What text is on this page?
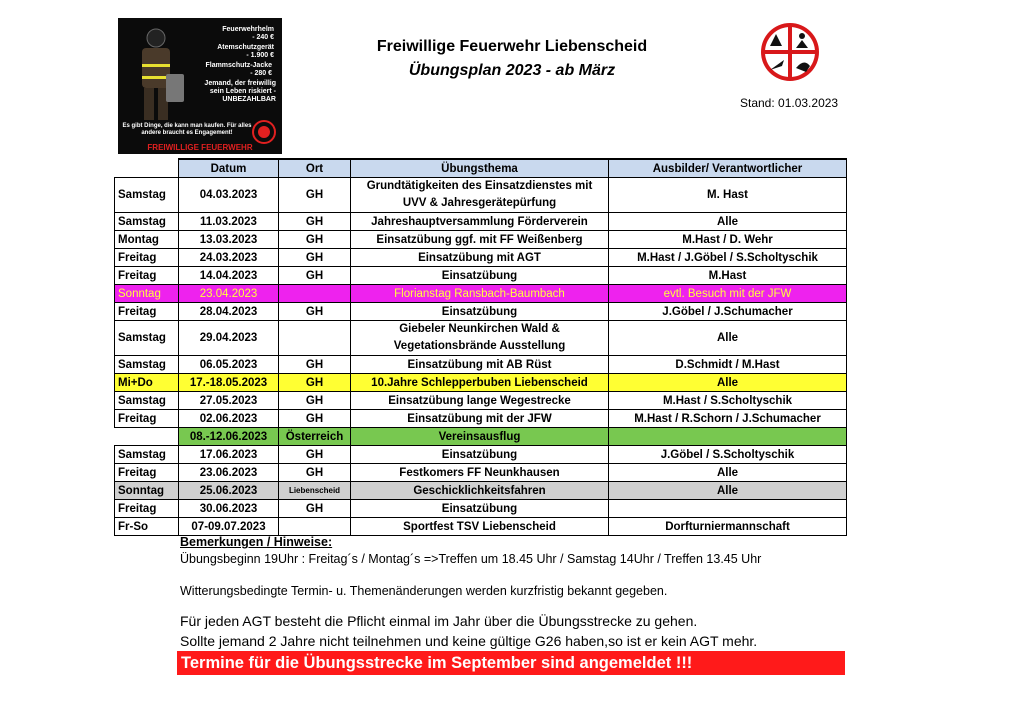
Feuerwehrhelm
- 240 €
Atemschutzgerät
- 1.900 €
Flammschutz-Jacke
- 280 €
Jemand, der freiwillig sein Leben riskiert - UNBEZAHLBAR
Es gibt Dinge, die kann man kaufen. Für alles andere braucht es Engagement!
FREIWILLIGE FEUERWEHR
Freiwillige Feuerwehr Liebenscheid
Übungsplan 2023 - ab März
Stand: 01.03.2023
	Datum	Ort	Übungsthema	Ausbilder/ Verantwortlicher
Samstag	04.03.2023	GH	Grundtätigkeiten des Einsatzdienstes mit UVV & Jahresgerätepürfung	M. Hast
Samstag	11.03.2023	GH	Jahreshauptversammlung Förderverein	Alle
Montag	13.03.2023	GH	Einsatzübung ggf. mit FF Weißenberg	M.Hast / D. Wehr
Freitag	24.03.2023	GH	Einsatzübung mit AGT	M.Hast / J.Göbel / S.Scholtyschik
Freitag	14.04.2023	GH	Einsatzübung	M.Hast
Sonntag	23.04.2023		Florianstag Ransbach-Baumbach	evtl. Besuch mit der JFW
Freitag	28.04.2023	GH	Einsatzübung	J.Göbel / J.Schumacher
Samstag	29.04.2023		Giebeler Neunkirchen Wald & Vegetationsbrände Ausstellung	Alle
Samstag	06.05.2023	GH	Einsatzübung mit AB Rüst	D.Schmidt / M.Hast
Mi+Do	17.-18.05.2023	GH	10.Jahre Schlepperbuben Liebenscheid	Alle
Samstag	27.05.2023	GH	Einsatzübung lange Wegestrecke	M.Hast / S.Scholtyschik
Freitag	02.06.2023	GH	Einsatzübung mit der JFW	M.Hast / R.Schorn / J.Schumacher
	08.-12.06.2023	Österreich	Vereinsausflug	
Samstag	17.06.2023	GH	Einsatzübung	J.Göbel / S.Scholtyschik
Freitag	23.06.2023	GH	Festkomers FF Neunkhausen	Alle
Sonntag	25.06.2023	Liebenscheid	Geschicklichkeitsfahren	Alle
Freitag	30.06.2023	GH	Einsatzübung	
Fr-So	07-09.07.2023		Sportfest TSV Liebenscheid	Dorfturniermannschaft
Bemerkungen / Hinweise:
Übungsbeginn 19Uhr : Freitag´s / Montag´s =>Treffen um 18.45 Uhr / Samstag 14Uhr / Treffen 13.45 Uhr
Witterungsbedingte Termin- u. Themenänderungen werden kurzfristig bekannt gegeben.
Für jeden AGT besteht die Pflicht einmal im Jahr über die Übungsstrecke zu gehen.
Sollte jemand 2 Jahre nicht teilnehmen und keine gültige G26 haben,so ist er kein AGT mehr.
Termine für die Übungsstrecke im September sind angemeldet !!!
